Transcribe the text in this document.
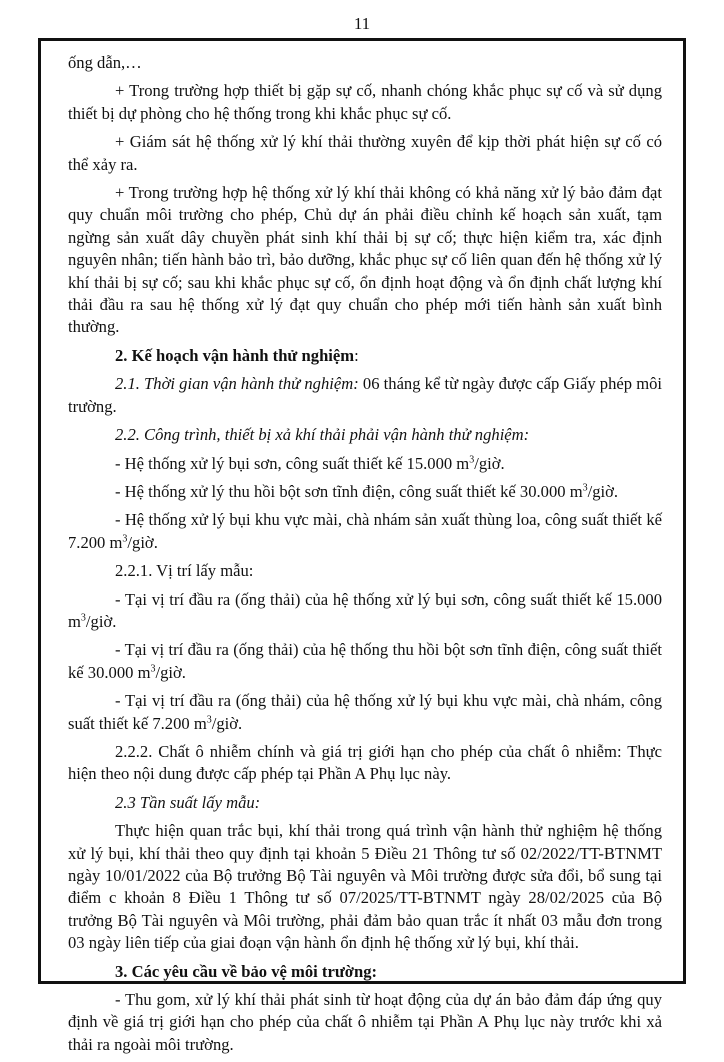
11

ống dẫn,…

+ Trong trường hợp thiết bị gặp sự cố, nhanh chóng khắc phục sự cố và sử dụng thiết bị dự phòng cho hệ thống trong khi khắc phục sự cố.

+ Giám sát hệ thống xử lý khí thải thường xuyên để kịp thời phát hiện sự cố có thể xảy ra.

+ Trong trường hợp hệ thống xử lý khí thải không có khả năng xử lý bảo đảm đạt quy chuẩn môi trường cho phép, Chủ dự án phải điều chỉnh kế hoạch sản xuất, tạm ngừng sản xuất dây chuyền phát sinh khí thải bị sự cố; thực hiện kiểm tra, xác định nguyên nhân; tiến hành bảo trì, bảo dưỡng, khắc phục sự cố liên quan đến hệ thống xử lý khí thải bị sự cố; sau khi khắc phục sự cố, ổn định hoạt động và ổn định chất lượng khí thải đầu ra sau hệ thống xử lý đạt quy chuẩn cho phép mới tiến hành sản xuất bình thường.

2. Kế hoạch vận hành thử nghiệm:

2.1. Thời gian vận hành thử nghiệm: 06 tháng kể từ ngày được cấp Giấy phép môi trường.

2.2. Công trình, thiết bị xả khí thải phải vận hành thử nghiệm:

- Hệ thống xử lý bụi sơn, công suất thiết kế 15.000 $m^3$/giờ.

- Hệ thống xử lý thu hồi bột sơn tĩnh điện, công suất thiết kế 30.000 $m^3$/giờ.

- Hệ thống xử lý bụi khu vực mài, chà nhám sản xuất thùng loa, công suất thiết kế 7.200 $m^3$/giờ.

2.2.1. Vị trí lấy mẫu:

- Tại vị trí đầu ra (ống thải) của hệ thống xử lý bụi sơn, công suất thiết kế 15.000 $m^3$/giờ.

- Tại vị trí đầu ra (ống thải) của hệ thống thu hồi bột sơn tĩnh điện, công suất thiết kế 30.000 $m^3$/giờ.

- Tại vị trí đầu ra (ống thải) của hệ thống xử lý bụi khu vực mài, chà nhám, công suất thiết kế 7.200 $m^3$/giờ.

2.2.2. Chất ô nhiễm chính và giá trị giới hạn cho phép của chất ô nhiễm: Thực hiện theo nội dung được cấp phép tại Phần A Phụ lục này.

2.3 Tần suất lấy mẫu:

Thực hiện quan trắc bụi, khí thải trong quá trình vận hành thử nghiệm hệ thống xử lý bụi, khí thải theo quy định tại khoản 5 Điều 21 Thông tư số 02/2022/TT-BTNMT ngày 10/01/2022 của Bộ trưởng Bộ Tài nguyên và Môi trường được sửa đổi, bổ sung tại điểm c khoản 8 Điều 1 Thông tư số 07/2025/TT-BTNMT ngày 28/02/2025 của Bộ trưởng Bộ Tài nguyên và Môi trường, phải đảm bảo quan trắc ít nhất 03 mẫu đơn trong 03 ngày liên tiếp của giai đoạn vận hành ổn định hệ thống xử lý bụi, khí thải.

3. Các yêu cầu về bảo vệ môi trường:

- Thu gom, xử lý khí thải phát sinh từ hoạt động của dự án bảo đảm đáp ứng quy định về giá trị giới hạn cho phép của chất ô nhiễm tại Phần A Phụ lục này trước khi xả thải ra ngoài môi trường.
